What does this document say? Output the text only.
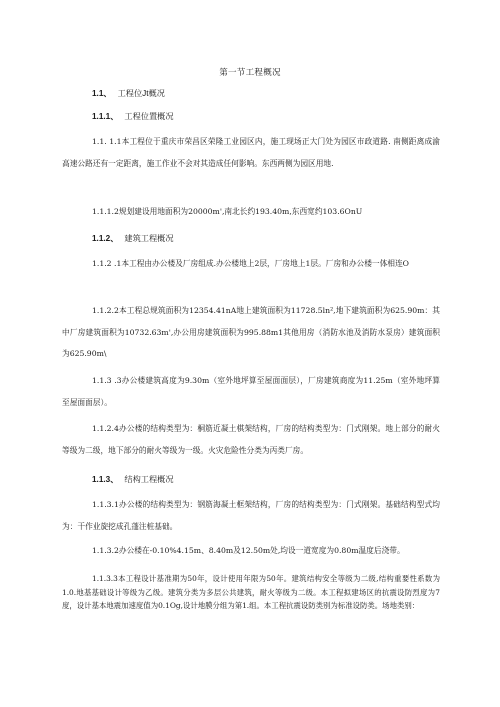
第一节工程概况
1.1、 工程位Jt概况
1.1.1、 工程位置概况
1.1. 1.1本工程位于重庆市荣昌区荣隆工业园区内，施工现场正大门处为园区市政道路. 南侧距离成渝高速公路还有一定距离，施工作业不会对其造成任何影响。东西两侧为园区用地.
1.1.1.2规划建设用地面积为20000m',南北长约193.40m,东西宽约103.6OnU
1.1.2、 建筑工程概况
1.1.2 .1本工程由办公楼及厂房组成.办公楼地上2层，厂房地上1层。厂房和办公楼一体相连O
1.1.2.2本工程总规筑面积为12354.41nA地上建筑面积为11728.5ln²,地下建筑面积为625.90m：其中厂房建筑面积为10732.63m',办公用房建筑面积为995.88m1其他用房（消防水池及消防水泵房）建筑面积为625.90m\
1.1.3 .3办公楼建筑高度为9.30m（室外地坪算至屋面面层），厂房建筑商度为11.25m（室外地坪算至屋面面层）。
1.1.2.4办公楼的结构类型为：桐筋近凝土棋架结构，厂房的结构类型为：门式刚架。地上部分的耐火等级为二级，地下部分的耐火等级为一级。火灾危险性分类为丙类厂房。
1.1.3、 结构工程概况
1.1.3.1办公楼的结构类型为：钢筋海凝土框架结构，厂房的结构类型为：门式刚架。基础结构型式均为：干作业旋挖成孔蓬注桩基础。
1.1.3.2办公楼在-0.10%4.15m、8.40m及12.50m处,均设一道宽度为0.80m温度后浇带。
1.1.3.3本工程设计基准期为50年，设计使用年限为50年。建筑结构安全等级为二级,结构重要性系数为1.0.地基基础设计等级为乙级。建筑分类为多层公共建筑，耐火等级为二级。本工程拟建场区的抗震设防烈度为7度，设计基本地震加速度值为0.1Og,设计地膜分组为第1.组。本工程抗震设防类别为标准设防类。场地类别：
